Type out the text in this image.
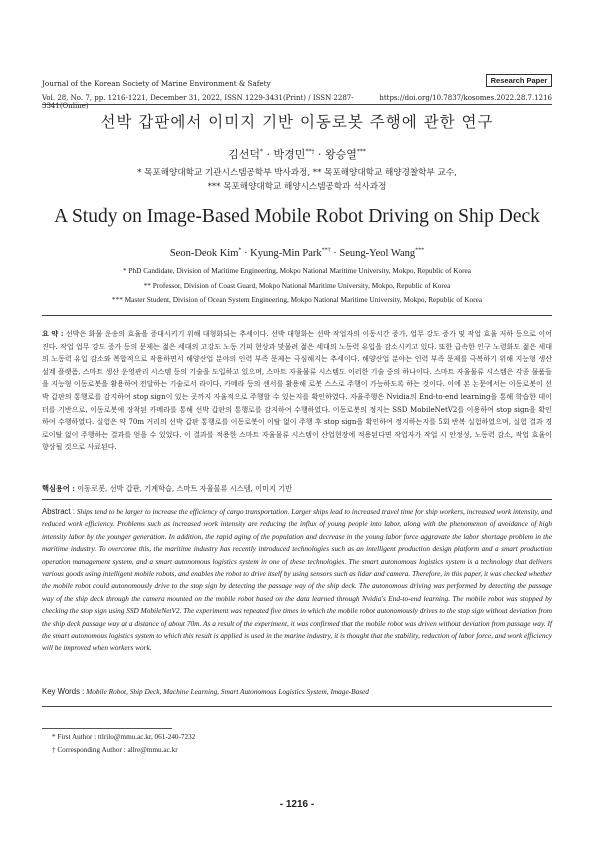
Journal of the Korean Society of Marine Environment & Safety	Research Paper
Vol. 28, No. 7, pp. 1216-1221, December 31, 2022, ISSN 1229-3431(Print) / ISSN 2287-3341(Online)
https://doi.org/10.7837/kosomes.2022.28.7.1216
선박 갑판에서 이미지 기반 이동로봇 주행에 관한 연구
김선덕* · 박경민**† · 왕승열***
* 목포해양대학교 기관시스템공학부 박사과정, ** 목포해양대학교 해양경찰학부 교수,
*** 목포해양대학교 해양시스템공학과 석사과정
A Study on Image-Based Mobile Robot Driving on Ship Deck
Seon-Deok Kim* · Kyung-Min Park**† · Seung-Yeol Wang***
* PhD Candidate, Division of Maritime Engineering, Mokpo National Maritime University, Mokpo, Republic of Korea
** Professor, Division of Coast Guard, Mokpo National Maritime University, Mokpo, Republic of Korea
*** Master Student, Division of Ocean System Engineering, Mokpo National Maritime University, Mokpo, Republic of Korea
요 약 : 선박은 화물 운송의 효율을 증대시키기 위해 대형화되는 추세이다. 선박 대형화는 선박 작업자의 이동시간 증가, 업무 강도 증가 및 작업 효율 저하 등으로 이어진다. 작업 업무 강도 증가 등의 문제는 젊은 세대의 고강도 노동 기피 현상과 맞물려 젊은 세대의 노동력 유입을 감소시키고 있다. 또한 급속한 인구 노령화도 젊은 세대의 노동력 유입 감소와 복합적으로 작용하면서 해양산업 분야의 인력 부족 문제는 극심해지는 추세이다. 해양산업 분야는 인력 부족 문제를 극복하기 위해 지능형 생산설계 플랫폼, 스마트 생산 운영관리 시스템 등의 기술을 도입하고 있으며, 스마트 자율물류 시스템도 이러한 기술 중의 하나이다. 스마트 자율물류 시스템은 각종 물품들을 지능형 이동로봇을 활용하여 전달하는 기술로서 라이다, 카메라 등의 센서를 활용해 로봇 스스로 주행이 가능하도록 하는 것이다. 이에 본 논문에서는 이동로봇이 선박 갑판의 통행로를 감지하여 stop sign이 있는 곳까지 자율적으로 주행할 수 있는지를 확인하였다. 자율주행은 Nvidia의 End-to-end learning을 통해 학습한 데이터를 기반으로, 이동로봇에 장착된 카메라를 통해 선박 갑판의 통행로를 감지하여 수행하였다. 이동로봇의 정지는 SSD MobileNetV2를 이용하여 stop sign을 확인하여 수행하였다. 실험은 약 70m 거리의 선박 갑판 통행로를 이동로봇이 이탈 없이 주행 후 stop sign을 확인하여 정지하는지를 5회 반복 실험하였으며, 실험 결과 경로이탈 없이 주행하는 결과를 얻을 수 있었다. 이 결과를 적용한 스마트 자율물류 시스템이 산업현장에 적용된다면 작업자가 작업 시 안정성, 노동력 감소, 작업 효율이 향상될 것으로 사료된다.
핵심용어 : 이동로봇, 선박 갑판, 기계학습, 스마트 자율물류 시스템, 이미지 기반
Abstract : Ships tend to be larger to increase the efficiency of cargo transportation. Larger ships lead to increased travel time for ship workers, increased work intensity, and reduced work efficiency. Problems such as increased work intensity are reducing the influx of young people into labor, along with the phenomenon of avoidance of high intensity labor by the younger generation. In addition, the rapid aging of the population and decrease in the young labor force aggravate the labor shortage problem in the maritime industry. To overcome this, the maritime industry has recently introduced technologies such as an intelligent production design platform and a smart production operation management system, and a smart autonomous logistics system in one of these technologies. The smart autonomous logistics system is a technology that delivers various goods using intelligent mobile robots, and enables the robot to drive itself by using sensors such as lidar and camera. Therefore, in this paper, it was checked whether the mobile robot could autonomously drive to the stop sign by detecting the passage way of the ship deck. The autonomous driving was performed by detecting the passage way of the ship deck through the camera mounted on the mobile robot based on the data learned through Nvidia's End-to-end learning. The mobile robot was stopped by checking the stop sign using SSD MobileNetV2. The experiment was repeated five times in which the mobile robot autonomously drives to the stop sign without deviation from the ship deck passage way at a distance of about 70m. As a result of the experiment, it was confirmed that the mobile robot was driven without deviation from passage way. If the smart autonomous logistics system to which this result is applied is used in the marine industry, it is thought that the stability, reduction of labor force, and work efficiency will be improved when workers work.
Key Words : Mobile Robot, Ship Deck, Machine Learning, Smart Autonomous Logistics System, Image-Based
* First Author : ttlrilo@mmu.ac.kr, 061-240-7232
† Corresponding Author : allre@mmu.ac.kr
- 1216 -
